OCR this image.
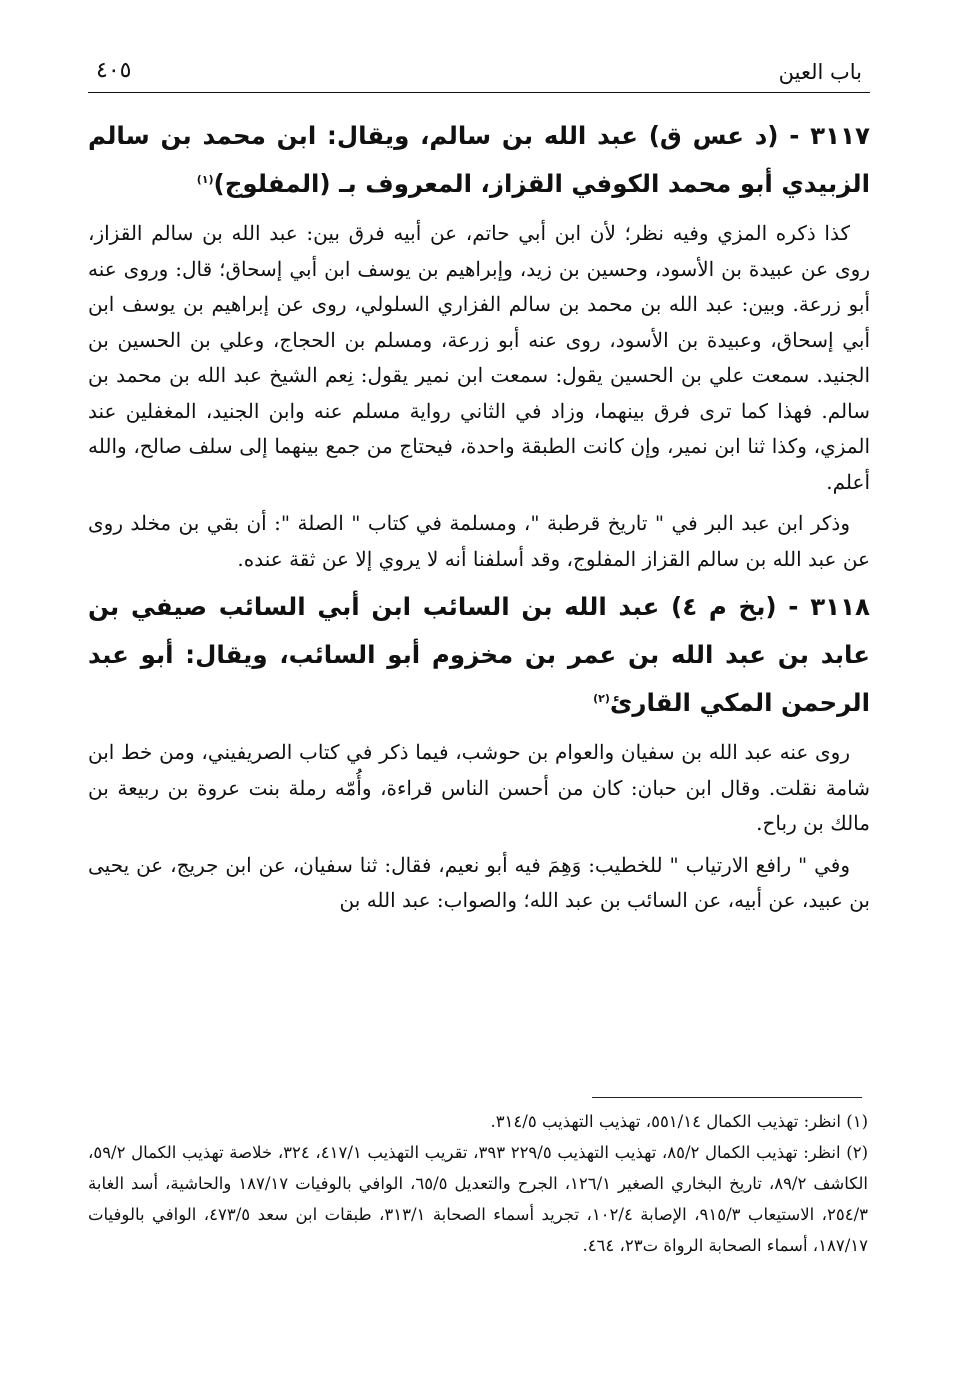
باب العين
٤٠٥

٣١١٧ - (د عس ق) عبد الله بن سالم، ويقال: ابن محمد بن سالم الزبيدي أبو محمد الكوفي القزاز، المعروف بـ (المفلوج)$^{(١)}$

كذا ذكره المزي وفيه نظر؛ لأن ابن أبي حاتم، عن أبيه فرق بين: عبد الله بن سالم القزاز، روى عن عبيدة بن الأسود، وحسين بن زيد، وإبراهيم بن يوسف ابن أبي إسحاق؛ قال: وروى عنه أبو زرعة. وبين: عبد الله بن محمد بن سالم الفزاري السلولي، روى عن إبراهيم بن يوسف ابن أبي إسحاق، وعبيدة بن الأسود، روى عنه أبو زرعة، ومسلم بن الحجاج، وعلي بن الحسين بن الجنيد. سمعت علي بن الحسين يقول: سمعت ابن نمير يقول: نِعم الشيخ عبد الله بن محمد بن سالم. فهذا كما ترى فرق بينهما، وزاد في الثاني رواية مسلم عنه وابن الجنيد، المغفلين عند المزي، وكذا ثنا ابن نمير، وإن كانت الطبقة واحدة، فيحتاج من جمع بينهما إلى سلف صالح، والله أعلم.

وذكر ابن عبد البر في " تاريخ قرطبة "، ومسلمة في كتاب " الصلة ": أن بقي بن مخلد روى عن عبد الله بن سالم القزاز المفلوج، وقد أسلفنا أنه لا يروي إلا عن ثقة عنده.

٣١١٨ - (بخ م ٤) عبد الله بن السائب ابن أبي السائب صيفي بن عابد بن عبد الله بن عمر بن مخزوم أبو السائب، ويقال: أبو عبد الرحمن المكي القارئ$^{(٢)}$

روى عنه عبد الله بن سفيان والعوام بن حوشب، فيما ذكر في كتاب الصريفيني، ومن خط ابن شامة نقلت. وقال ابن حبان: كان من أحسن الناس قراءة، وأُمّه رملة بنت عروة بن ربيعة بن مالك بن رباح.

وفي " رافع الارتياب " للخطيب: وَهِمَ فيه أبو نعيم، فقال: ثنا سفيان، عن ابن جريج، عن يحيى بن عبيد، عن أبيه، عن السائب بن عبد الله؛ والصواب: عبد الله بن

(١) انظر: تهذيب الكمال ٥٥١/١٤، تهذيب التهذيب ٣١٤/٥.

(٢) انظر: تهذيب الكمال ٨٥/٢، تهذيب التهذيب ٢٢٩/٥ ٣٩٣، تقريب التهذيب ٤١٧/١، ٣٢٤، خلاصة تهذيب الكمال ٥٩/٢، الكاشف ٨٩/٢، تاريخ البخاري الصغير ١٢٦/١، الجرح والتعديل ٦٥/٥، الوافي بالوفيات ١٨٧/١٧ والحاشية، أسد الغابة ٢٥٤/٣، الاستيعاب ٩١٥/٣، الإصابة ١٠٢/٤، تجريد أسماء الصحابة ٣١٣/١، طبقات ابن سعد ٤٧٣/٥، الوافي بالوفيات ١٨٧/١٧، أسماء الصحابة الرواة ت٢٣، ٤٦٤.
